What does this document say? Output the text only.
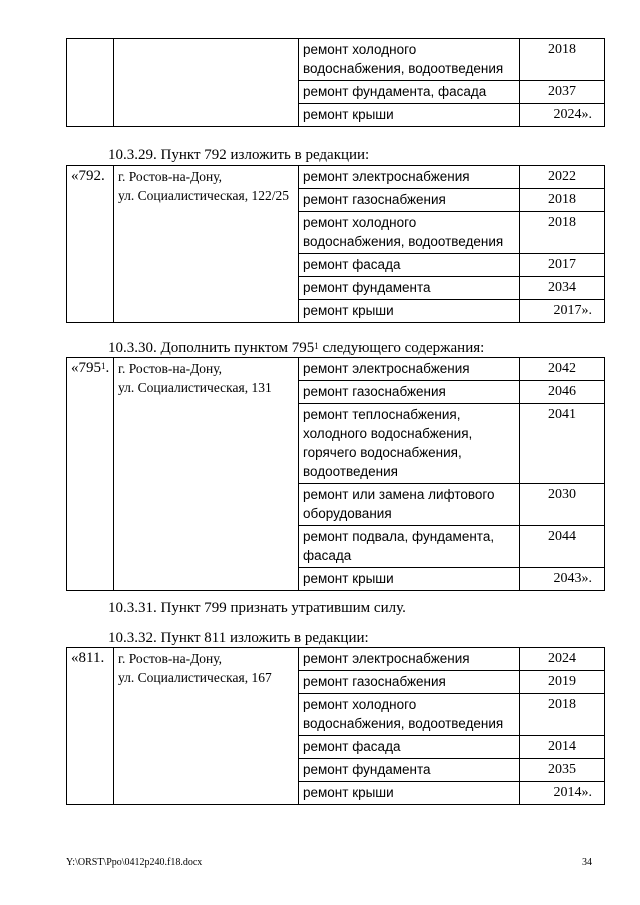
		ремонт холодного водоснабжения, водоотведения	2018
		ремонт фундамента, фасада	2037
		ремонт крыши	2024».
10.3.29. Пункт 792 изложить в редакции:
«792.	г. Ростов-на-Дону,
ул. Социалистическая, 122/25	ремонт электроснабжения	2022
		ремонт газоснабжения	2018
		ремонт холодного водоснабжения, водоотведения	2018
		ремонт фасада	2017
		ремонт фундамента	2034
		ремонт крыши	2017».
10.3.30. Дополнить пунктом $795^1$ следующего содержания:
«$795^1$.	г. Ростов-на-Дону,
ул. Социалистическая, 131	ремонт электроснабжения	2042
		ремонт газоснабжения	2046
		ремонт теплоснабжения, холодного водоснабжения, горячего водоснабжения, водоотведения	2041
		ремонт или замена лифтового оборудования	2030
		ремонт подвала, фундамента, фасада	2044
		ремонт крыши	2043».
10.3.31. Пункт 799 признать утратившим силу.
10.3.32. Пункт 811 изложить в редакции:
«811.	г. Ростов-на-Дону,
ул. Социалистическая, 167	ремонт электроснабжения	2024
		ремонт газоснабжения	2019
		ремонт холодного водоснабжения, водоотведения	2018
		ремонт фасада	2014
		ремонт фундамента	2035
		ремонт крыши	2014».
Y:\ORST\Ppo\0412p240.f18.docx	34
